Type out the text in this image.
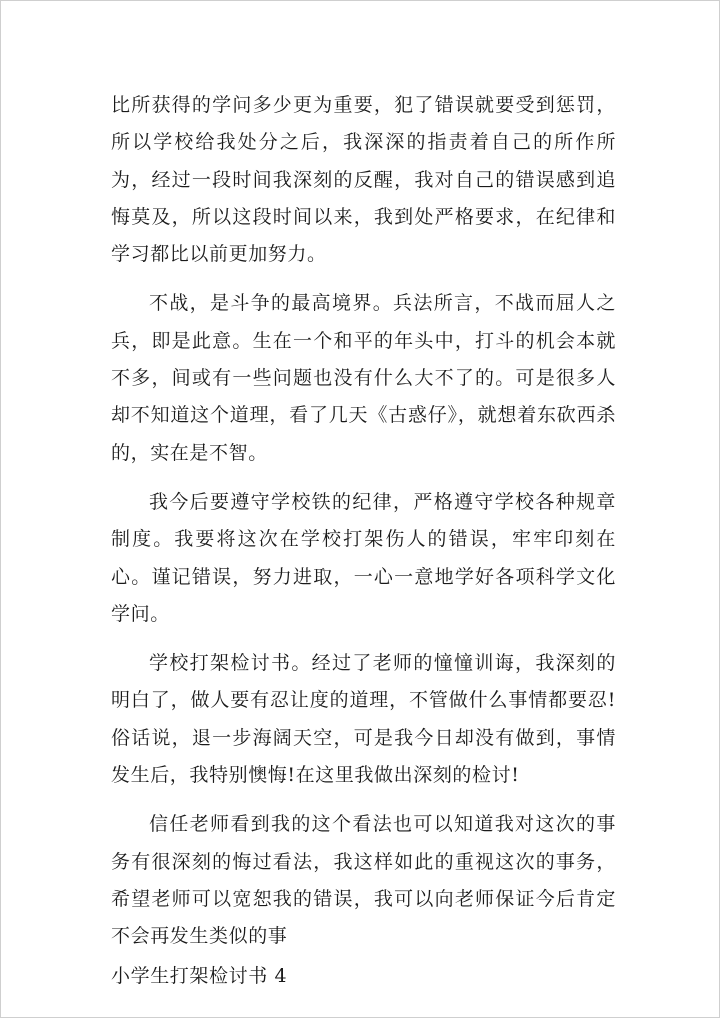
比所获得的学问多少更为重要，犯了错误就要受到惩罚，所以学校给我处分之后，我深深的指责着自己的所作所为，经过一段时间我深刻的反醒，我对自己的错误感到追悔莫及，所以这段时间以来，我到处严格要求，在纪律和学习都比以前更加努力。

不战，是斗争的最高境界。兵法所言，不战而屈人之兵，即是此意。生在一个和平的年头中，打斗的机会本就不多，间或有一些问题也没有什么大不了的。可是很多人却不知道这个道理，看了几天《古惑仔》，就想着东砍西杀的，实在是不智。

我今后要遵守学校铁的纪律，严格遵守学校各种规章制度。我要将这次在学校打架伤人的错误，牢牢印刻在心。谨记错误，努力进取，一心一意地学好各项科学文化学问。

学校打架检讨书。经过了老师的憧憧训诲，我深刻的明白了，做人要有忍让度的道理，不管做什么事情都要忍!俗话说，退一步海阔天空，可是我今日却没有做到，事情发生后，我特别懊悔!在这里我做出深刻的检讨!

信任老师看到我的这个看法也可以知道我对这次的事务有很深刻的悔过看法，我这样如此的重视这次的事务，希望老师可以宽恕我的错误，我可以向老师保证今后肯定不会再发生类似的事

小学生打架检讨书 4
